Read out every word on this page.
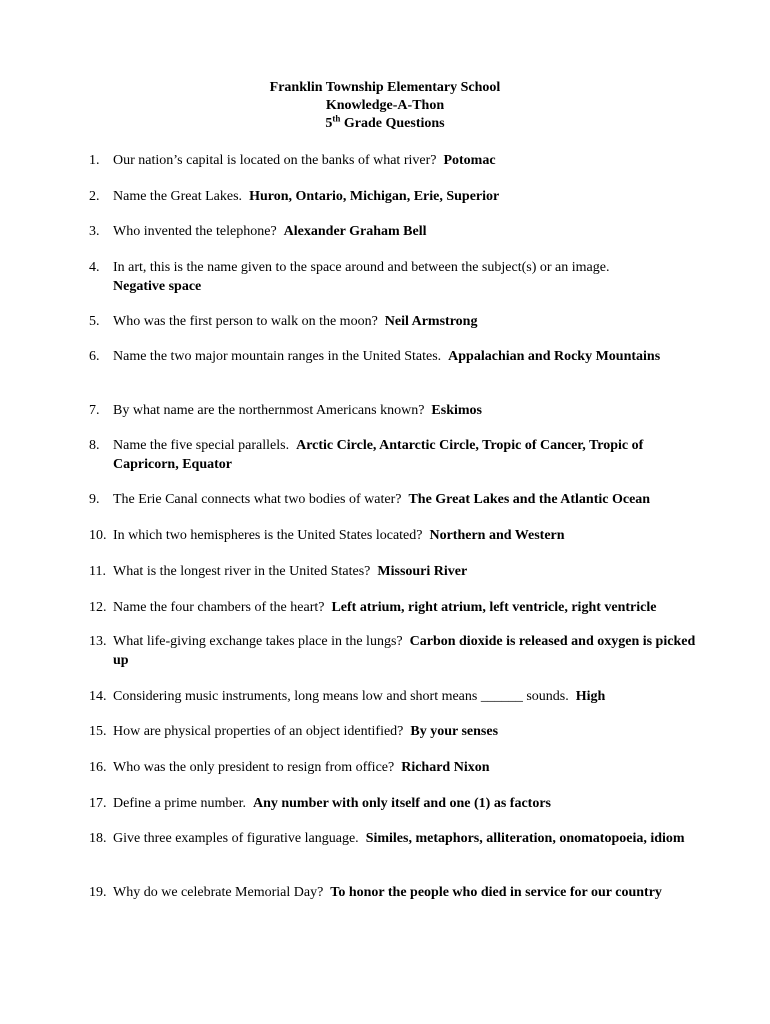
Franklin Township Elementary School
Knowledge-A-Thon
5th Grade Questions
1. Our nation’s capital is located on the banks of what river? Potomac
2. Name the Great Lakes. Huron, Ontario, Michigan, Erie, Superior
3. Who invented the telephone? Alexander Graham Bell
4. In art, this is the name given to the space around and between the subject(s) or an image.
Negative space
5. Who was the first person to walk on the moon? Neil Armstrong
6. Name the two major mountain ranges in the United States. Appalachian and Rocky Mountains
7. By what name are the northernmost Americans known? Eskimos
8. Name the five special parallels. Arctic Circle, Antarctic Circle, Tropic of Cancer, Tropic of Capricorn, Equator
9. The Erie Canal connects what two bodies of water? The Great Lakes and the Atlantic Ocean
10. In which two hemispheres is the United States located? Northern and Western
11. What is the longest river in the United States? Missouri River
12. Name the four chambers of the heart? Left atrium, right atrium, left ventricle, right ventricle
13. What life-giving exchange takes place in the lungs? Carbon dioxide is released and oxygen is picked up
14. Considering music instruments, long means low and short means ______ sounds. High
15. How are physical properties of an object identified? By your senses
16. Who was the only president to resign from office? Richard Nixon
17. Define a prime number. Any number with only itself and one (1) as factors
18. Give three examples of figurative language. Similes, metaphors, alliteration, onomatopoeia, idiom
19. Why do we celebrate Memorial Day? To honor the people who died in service for our country
